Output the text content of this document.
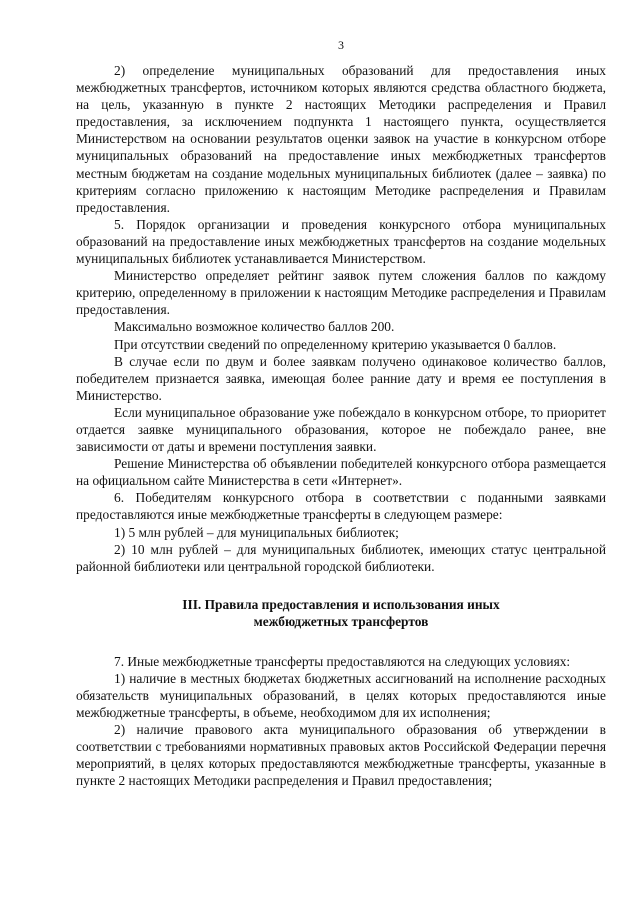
3

2) определение муниципальных образований для предоставления иных межбюджетных трансфертов, источником которых являются средства областного бюджета, на цель, указанную в пункте 2 настоящих Методики распределения и Правил предоставления, за исключением подпункта 1 настоящего пункта, осуществляется Министерством на основании результатов оценки заявок на участие в конкурсном отборе муниципальных образований на предоставление иных межбюджетных трансфертов местным бюджетам на создание модельных муниципальных библиотек (далее – заявка) по критериям согласно приложению к настоящим Методике распределения и Правилам предоставления.

5. Порядок организации и проведения конкурсного отбора муниципальных образований на предоставление иных межбюджетных трансфертов на создание модельных муниципальных библиотек устанавливается Министерством.

Министерство определяет рейтинг заявок путем сложения баллов по каждому критерию, определенному в приложении к настоящим Методике распределения и Правилам предоставления.

Максимально возможное количество баллов 200.

При отсутствии сведений по определенному критерию указывается 0 баллов.

В случае если по двум и более заявкам получено одинаковое количество баллов, победителем признается заявка, имеющая более ранние дату и время ее поступления в Министерство.

Если муниципальное образование уже побеждало в конкурсном отборе, то приоритет отдается заявке муниципального образования, которое не побеждало ранее, вне зависимости от даты и времени поступления заявки.

Решение Министерства об объявлении победителей конкурсного отбора размещается на официальном сайте Министерства в сети «Интернет».

6. Победителям конкурсного отбора в соответствии с поданными заявками предоставляются иные межбюджетные трансферты в следующем размере:

1) 5 млн рублей – для муниципальных библиотек;

2) 10 млн рублей – для муниципальных библиотек, имеющих статус центральной районной библиотеки или центральной городской библиотеки.

III. Правила предоставления и использования иных
межбюджетных трансфертов

7. Иные межбюджетные трансферты предоставляются на следующих условиях:

1) наличие в местных бюджетах бюджетных ассигнований на исполнение расходных обязательств муниципальных образований, в целях которых предоставляются иные межбюджетные трансферты, в объеме, необходимом для их исполнения;

2) наличие правового акта муниципального образования об утверждении в соответствии с требованиями нормативных правовых актов Российской Федерации перечня мероприятий, в целях которых предоставляются межбюджетные трансферты, указанные в пункте 2 настоящих Методики распределения и Правил предоставления;
